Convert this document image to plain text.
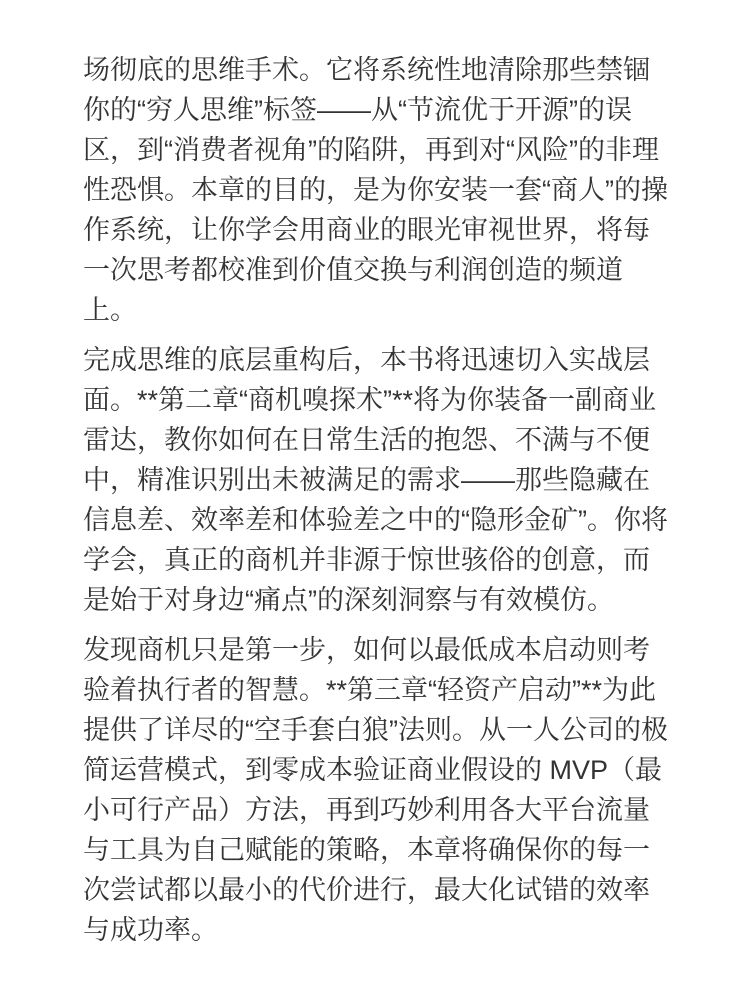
场彻底的思维手术。它将系统性地清除那些禁锢你的“穷人思维”标签——从“节流优于开源”的误区，到“消费者视角”的陷阱，再到对“风险”的非理性恐惧。本章的目的，是为你安装一套“商人”的操作系统，让你学会用商业的眼光审视世界，将每一次思考都校准到价值交换与利润创造的频道上。

完成思维的底层重构后，本书将迅速切入实战层面。**第二章“商机嗅探术”**将为你装备一副商业雷达，教你如何在日常生活的抱怨、不满与不便中，精准识别出未被满足的需求——那些隐藏在信息差、效率差和体验差之中的“隐形金矿”。你将学会，真正的商机并非源于惊世骇俗的创意，而是始于对身边“痛点”的深刻洞察与有效模仿。

发现商机只是第一步，如何以最低成本启动则考验着执行者的智慧。**第三章“轻资产启动”**为此提供了详尽的“空手套白狼”法则。从一人公司的极简运营模式，到零成本验证商业假设的 MVP（最小可行产品）方法，再到巧妙利用各大平台流量与工具为自己赋能的策略，本章将确保你的每一次尝试都以最小的代价进行，最大化试错的效率与成功率。
